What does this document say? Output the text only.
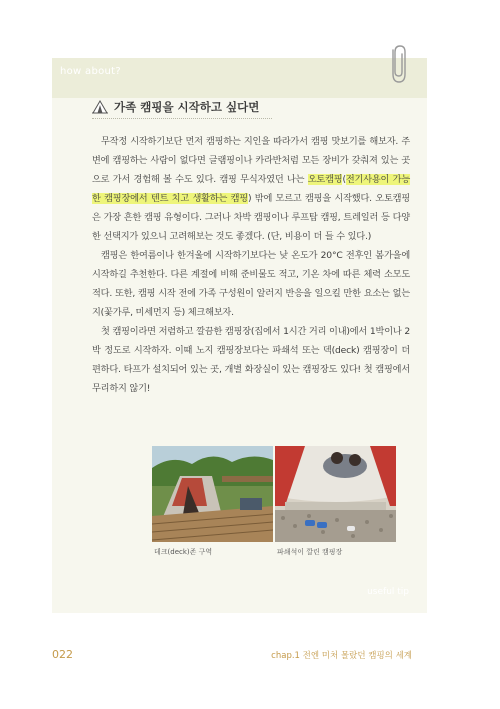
how about?
useful tip
가족 캠핑을 시작하고 싶다면

무작정 시작하기보단 먼저 캠핑하는 지인을 따라가서 캠핑 맛보기를 해보자. 주변에 캠핑하는 사람이 없다면 글램핑이나 카라반처럼 모든 장비가 갖춰져 있는 곳으로 가서 경험해 볼 수도 있다. 캠핑 무식자였던 나는 오토캠핑(전기사용이 가능한 캠핑장에서 텐트 치고 생활하는 캠핑) 밖에 모르고 캠핑을 시작했다. 오토캠핑은 가장 흔한 캠핑 유형이다. 그러나 차박 캠핑이나 루프탑 캠핑, 트레일러 등 다양한 선택지가 있으니 고려해보는 것도 좋겠다. (단, 비용이 더 들 수 있다.)

캠핑은 한여름이나 한겨울에 시작하기보다는 낮 온도가 20°C 전후인 봄가을에 시작하길 추천한다. 다른 계절에 비해 준비물도 적고, 기온 차에 따른 체력 소모도 적다. 또한, 캠핑 시작 전에 가족 구성원이 알러지 반응을 일으킬 만한 요소는 없는지(꽃가루, 미세먼지 등) 체크해보자.

첫 캠핑이라면 저렴하고 깔끔한 캠핑장(집에서 1시간 거리 이내)에서 1박이나 2박 정도로 시작하자. 이때 노지 캠핑장보다는 파쇄석 또는 덱(deck) 캠핑장이 더 편하다. 타프가 설치되어 있는 곳, 개별 화장실이 있는 캠핑장도 있다! 첫 캠핑에서 무리하지 않기!

데크(deck)존 구역	파쇄석이 깔린 캠핑장
022	chap.1 전엔 미처 몰랐던 캠핑의 세계
